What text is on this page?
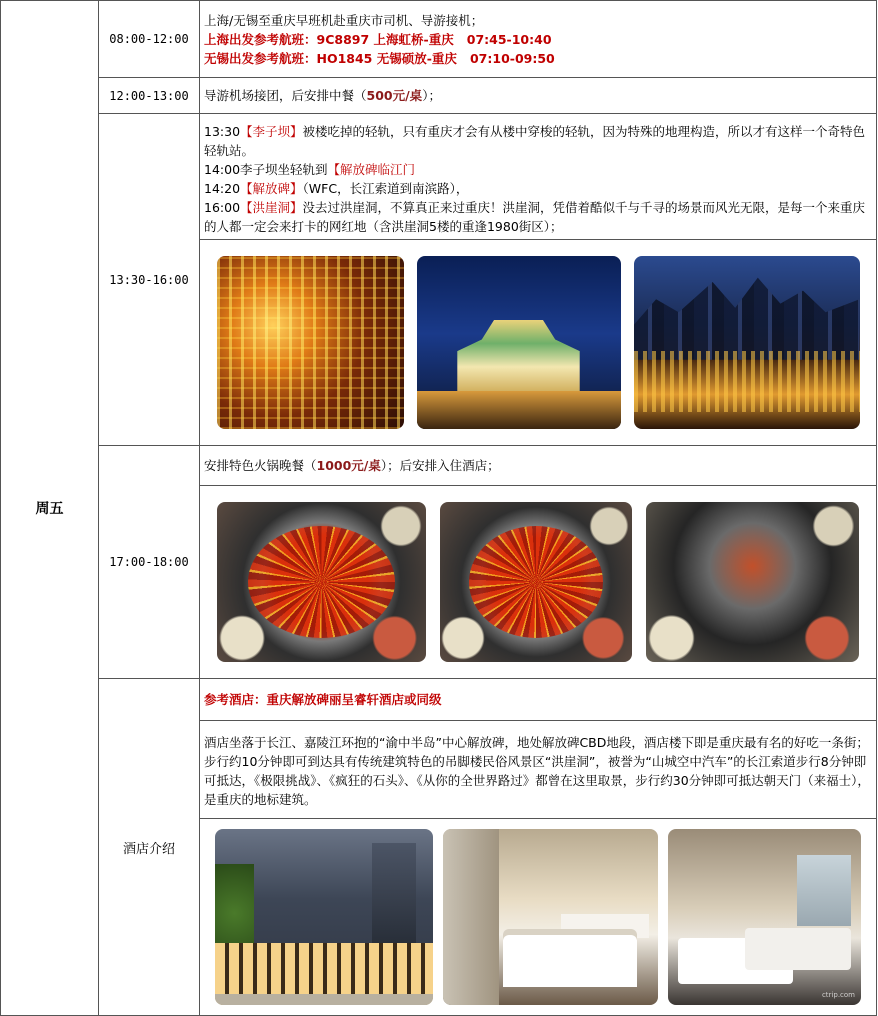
周五	08:00-12:00	上海/无锡至重庆早班机赴重庆市司机、导游接机；
上海出发参考航班：9C8897 上海虹桥-重庆   07:45-10:40
无锡出发参考航班：HO1845 无锡硕放-重庆   07:10-09:50

	12:00-13:00	导游机场接团，后安排中餐（500元/桌）；
	13:30-16:00	13:30【李子坝】被楼吃掉的轻轨，只有重庆才会有从楼中穿梭的轻轨，因为特殊的地理构造，所以才有这样一个奇特色轻轨站。
14:00李子坝坐轻轨到【解放碑临江门
14:20【解放碑】（WFC，长江索道到南滨路），
16:00【洪崖洞】没去过洪崖洞，不算真正来过重庆！洪崖洞，凭借着酷似千与千寻的场景而风光无限，是每一个来重庆的人都一定会来打卡的网红地（含洪崖洞5楼的重逢1980街区）；

	17:00-18:00	安排特色火锅晚餐（1000元/桌）；后安排入住酒店；

	酒店介绍	参考酒店：重庆解放碑丽呈睿轩酒店或同级
		酒店坐落于长江、嘉陵江环抱的“渝中半岛”中心解放碑，地处解放碑CBD地段，酒店楼下即是重庆最有名的好吃一条街；步行约10分钟即可到达具有传统建筑特色的吊脚楼民俗风景区“洪崖洞”，被誉为“山城空中汽车”的长江索道步行8分钟即可抵达，《极限挑战》、《疯狂的石头》、《从你的全世界路过》都曾在这里取景，步行约30分钟即可抵达朝天门（来福士），是重庆的地标建筑。

		ctrip.com
